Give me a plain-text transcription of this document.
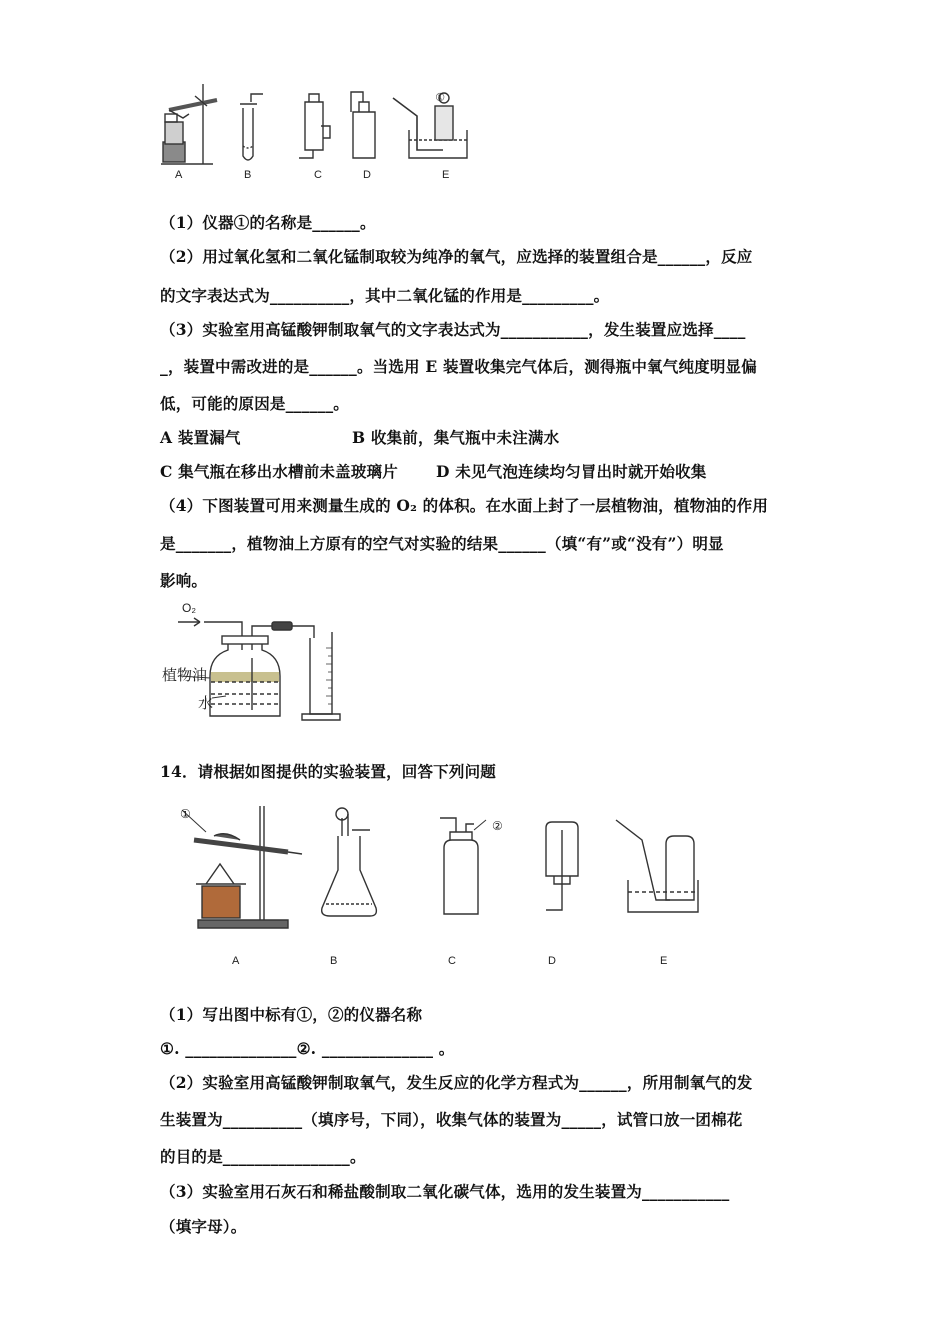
①
A	B	C	D	E
（1）仪器①的名称是______。
（2）用过氧化氢和二氧化锰制取较为纯净的氧气，应选择的装置组合是______，反应
的文字表达式为__________，其中二氧化锰的作用是_________。
（3）实验室用高锰酸钾制取氧气的文字表达式为___________，发生装置应选择____
_，装置中需改进的是______。当选用 E 装置收集完气体后，测得瓶中氧气纯度明显偏
低，可能的原因是______。
A 装置漏气	B 收集前，集气瓶中未注满水
C 集气瓶在移出水槽前未盖玻璃片 D 未见气泡连续均匀冒出时就开始收集
（4）下图装置可用来测量生成的 O₂ 的体积。在水面上封了一层植物油，植物油的作用
是_______，植物油上方原有的空气对实验的结果______（填“有”或“没有”）明显
影响。
O₂
植物油
水
14．请根据如图提供的实验装置，回答下列问题
①
②
A	B	C	D	E
（1）写出图中标有①，②的仪器名称
①. ______________②. ______________ 。
（2）实验室用高锰酸钾制取氧气，发生反应的化学方程式为______，所用制氧气的发
生装置为__________（填序号，下同），收集气体的装置为_____，试管口放一团棉花
的目的是________________。
（3）实验室用石灰石和稀盐酸制取二氧化碳气体，选用的发生装置为___________
（填字母）。
